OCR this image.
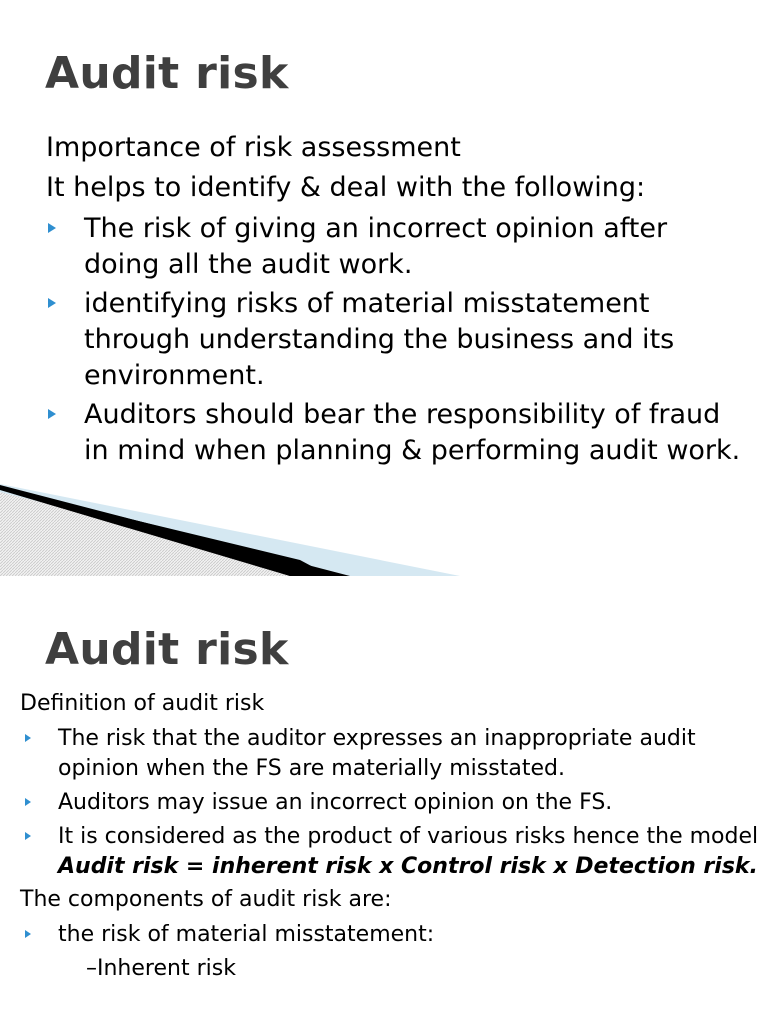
Audit risk

Importance of risk assessment

It helps to identify & deal with the following:

The risk of giving an incorrect opinion after doing all the audit work.
identifying risks of material misstatement through understanding the business and its environment.
Auditors should bear the responsibility of fraud in mind when planning & performing audit work.
Audit risk

Definition of audit risk

The risk that the auditor expresses an inappropriate audit opinion when the FS are materially misstated.
Auditors may issue an incorrect opinion on the FS.
It is considered as the product of various risks hence the model Audit risk = inherent risk x Control risk x Detection risk.

The components of audit risk are:

the risk of material misstatement:

–Inherent risk
